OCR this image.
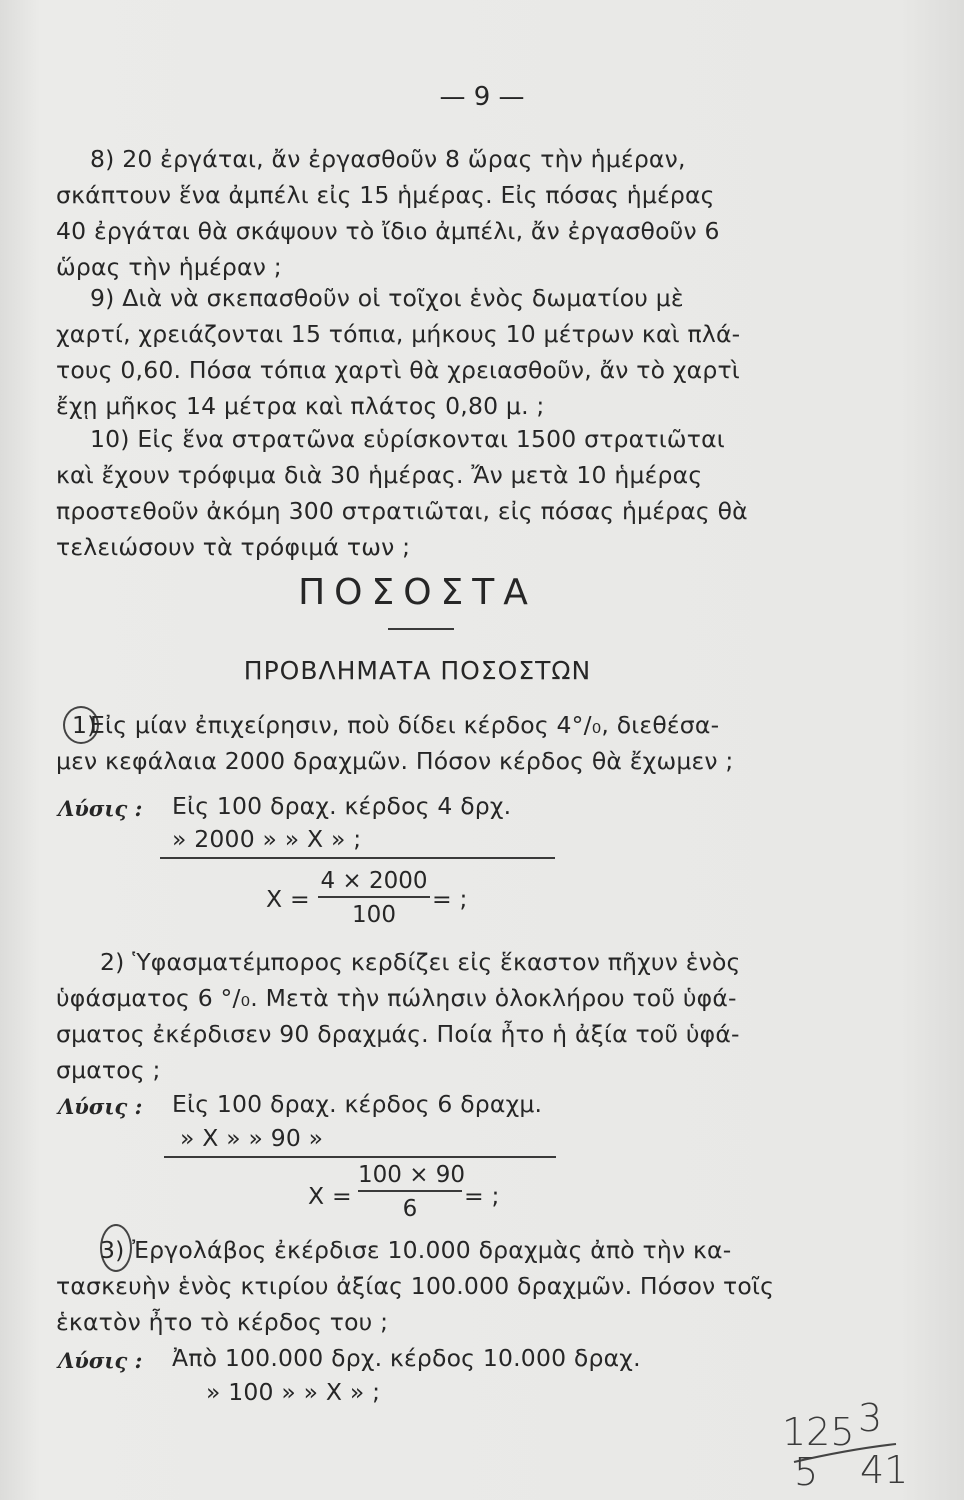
— 9 —
8) 20 ἐργάται, ἄν ἐργασθοῦν 8 ὥρας τὴν ἡμέραν,
σκάπτουν ἕνα ἀμπέλι εἰς 15 ἡμέρας. Εἰς πόσας ἡμέρας
40 ἐργάται θὰ σκάψουν τὸ ἴδιο ἀμπέλι, ἄν ἐργασθοῦν 6
ὥρας τὴν ἡμέραν ;
9) Διὰ νὰ σκεπασθοῦν οἱ τοῖχοι ἑνὸς δωματίου μὲ
χαρτί, χρειάζονται 15 τόπια, μήκους 10 μέτρων καὶ πλά-
τους 0,60. Πόσα τόπια χαρτὶ θὰ χρειασθοῦν, ἄν τὸ χαρτὶ
ἔχῃ μῆκος 14 μέτρα καὶ πλάτος 0,80 μ. ;
10) Εἰς ἕνα στρατῶνα εὑρίσκονται 1500 στρατιῶται
καὶ ἔχουν τρόφιμα διὰ 30 ἡμέρας. Ἄν μετὰ 10 ἡμέρας
προστεθοῦν ἀκόμη 300 στρατιῶται, εἰς πόσας ἡμέρας θὰ
τελειώσουν τὰ τρόφιμά των ;
ΠΟΣΟΣΤΑ
ΠΡΟΒΛΗΜΑΤΑ ΠΟΣΟΣΤΩΝ
1)
Εἰς μίαν ἐπιχείρησιν, ποὺ δίδει κέρδος 4°/₀, διεθέσα-
μεν κεφάλαια 2000 δραχμῶν. Πόσον κέρδος θὰ ἔχωμεν ;
Λύσις : Εἰς 100 δραχ. κέρδος 4 δρχ.
» 2000 » » Χ » ;
Χ =
4 × 2000
100
= ;
2) Ὑφασματέμπορος κερδίζει εἰς ἕκαστον πῆχυν ἑνὸς
ὑφάσματος 6 °/₀. Μετὰ τὴν πώλησιν ὁλοκλήρου τοῦ ὑφά-
σματος ἐκέρδισεν 90 δραχμάς. Ποία ἦτο ἡ ἀξία τοῦ ὑφά-
σματος ;
Λύσις : Εἰς 100 δραχ. κέρδος 6 δραχμ.
» Χ » » 90 »
Χ =
100 × 90
6	= ;
3) Ἐργολάβος ἐκέρδισε 10.000 δραχμὰς ἀπὸ τὴν κα-
τασκευὴν ἑνὸς κτιρίου ἀξίας 100.000 δραχμῶν. Πόσον τοῖς
ἑκατὸν ἦτο τὸ κέρδος του ;
Λύσις : Ἀπὸ 100.000 δρχ. κέρδος 10.000 δραχ.
» 100 » » Χ » ;
125 3
5 41
